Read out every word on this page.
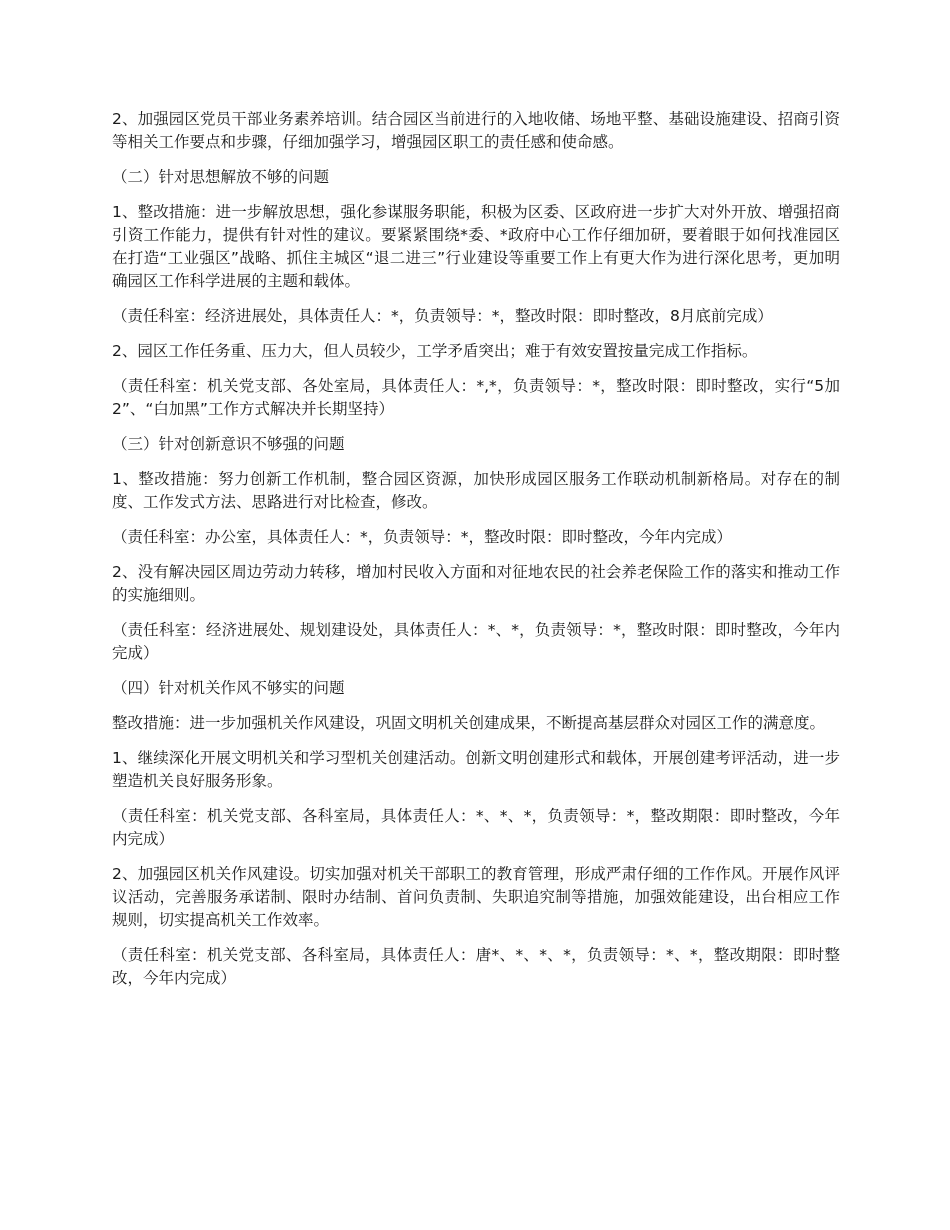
2、加强园区党员干部业务素养培训。结合园区当前进行的入地收储、场地平整、基础设施建设、招商引资等相关工作要点和步骤，仔细加强学习，增强园区职工的责任感和使命感。

（二）针对思想解放不够的问题

1、整改措施：进一步解放思想，强化参谋服务职能，积极为区委、区政府进一步扩大对外开放、增强招商引资工作能力，提供有针对性的建议。要紧紧围绕*委、*政府中心工作仔细加研，要着眼于如何找准园区在打造“工业强区”战略、抓住主城区“退二进三”行业建设等重要工作上有更大作为进行深化思考，更加明确园区工作科学进展的主题和载体。

（责任科室：经济进展处，具体责任人：*，负责领导：*，整改时限：即时整改，8月底前完成）

2、园区工作任务重、压力大，但人员较少，工学矛盾突出；难于有效安置按量完成工作指标。

（责任科室：机关党支部、各处室局，具体责任人：*,*，负责领导：*，整改时限：即时整改，实行“5加2”、“白加黑”工作方式解决并长期坚持）

（三）针对创新意识不够强的问题

1、整改措施：努力创新工作机制，整合园区资源，加快形成园区服务工作联动机制新格局。对存在的制度、工作发式方法、思路进行对比检查，修改。

（责任科室：办公室，具体责任人：*，负责领导：*，整改时限：即时整改，今年内完成）

2、没有解决园区周边劳动力转移，增加村民收入方面和对征地农民的社会养老保险工作的落实和推动工作的实施细则。

（责任科室：经济进展处、规划建设处，具体责任人：*、*，负责领导：*，整改时限：即时整改，今年内完成）

（四）针对机关作风不够实的问题

整改措施：进一步加强机关作风建设，巩固文明机关创建成果，不断提高基层群众对园区工作的满意度。

1、继续深化开展文明机关和学习型机关创建活动。创新文明创建形式和载体，开展创建考评活动，进一步塑造机关良好服务形象。

（责任科室：机关党支部、各科室局，具体责任人：*、*、*，负责领导：*，整改期限：即时整改，今年内完成）

2、加强园区机关作风建设。切实加强对机关干部职工的教育管理，形成严肃仔细的工作作风。开展作风评议活动，完善服务承诺制、限时办结制、首问负责制、失职追究制等措施，加强效能建设，出台相应工作规则，切实提高机关工作效率。

（责任科室：机关党支部、各科室局，具体责任人：唐*、*、*、*，负责领导：*、*，整改期限：即时整改，今年内完成）
